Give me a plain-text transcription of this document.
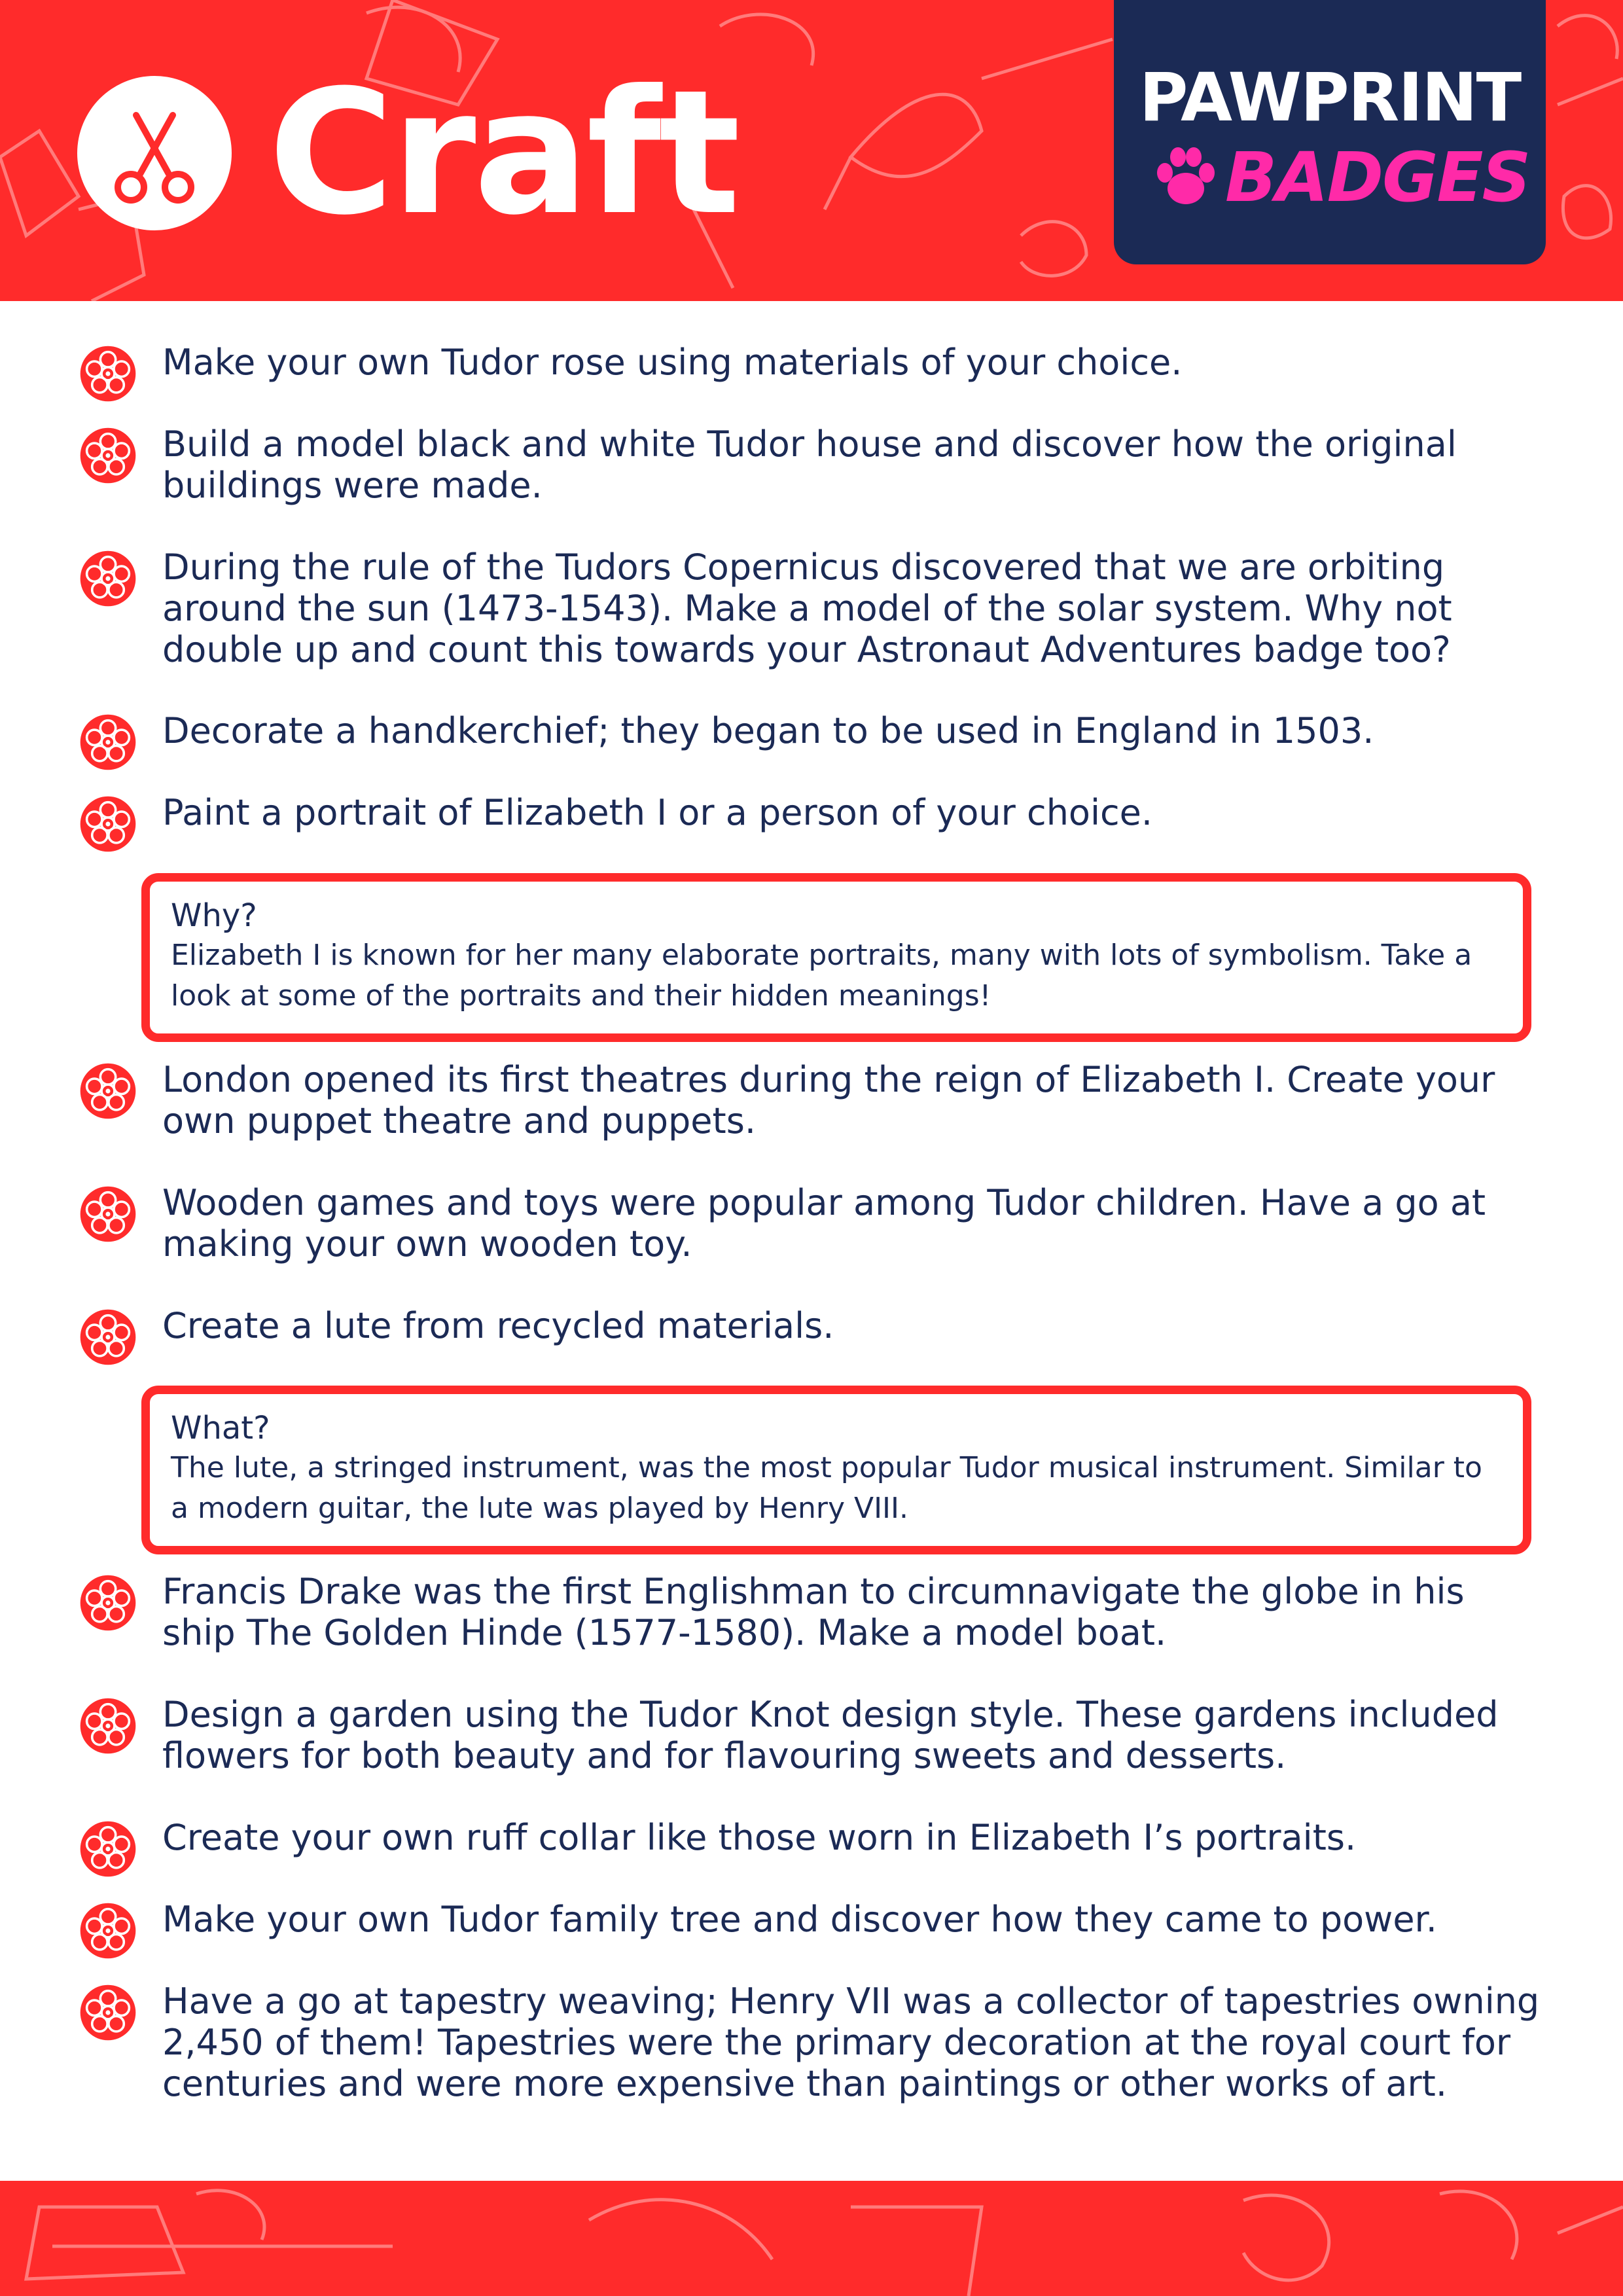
Craft	PAWPRINT
BADGES
Make your own Tudor rose using materials of your choice.
Build a model black and white Tudor house and discover how the original buildings were made.
During the rule of the Tudors Copernicus discovered that we are orbiting around the sun (1473-1543). Make a model of the solar system. Why not double up and count this towards your Astronaut Adventures badge too?
Decorate a handkerchief; they began to be used in England in 1503.
Paint a portrait of Elizabeth I or a person of your choice.
Why?
Elizabeth I is known for her many elaborate portraits, many with lots of symbolism. Take a look at some of the portraits and their hidden meanings!
London opened its first theatres during the reign of Elizabeth I. Create your own puppet theatre and puppets.
Wooden games and toys were popular among Tudor children. Have a go at making your own wooden toy.
Create a lute from recycled materials.
What?
The lute, a stringed instrument, was the most popular Tudor musical instrument. Similar to a modern guitar, the lute was played by Henry VIII.
Francis Drake was the first Englishman to circumnavigate the globe in his ship The Golden Hinde (1577-1580). Make a model boat.
Design a garden using the Tudor Knot design style. These gardens included flowers for both beauty and for flavouring sweets and desserts.
Create your own ruff collar like those worn in Elizabeth I’s portraits.
Make your own Tudor family tree and discover how they came to power.
Have a go at tapestry weaving; Henry VII was a collector of tapestries owning 2,450 of them! Tapestries were the primary decoration at the royal court for centuries and were more expensive than paintings or other works of art.
